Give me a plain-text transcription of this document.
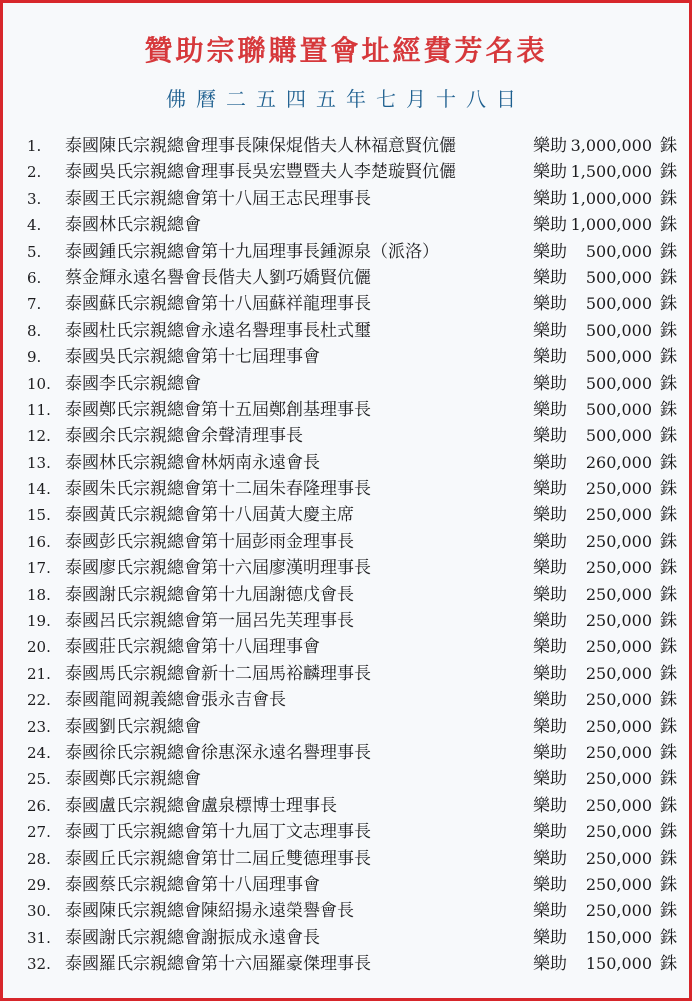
贊助宗聯購置會址經費芳名表
佛曆二五四五年七月十八日
1.	泰國陳氏宗親總會理事長陳保焜偕夫人林福意賢伉儷	樂助 3,000,000 銖
2.	泰國吳氏宗親總會理事長吳宏豐暨夫人李楚璇賢伉儷	樂助 1,500,000 銖
3.	泰國王氏宗親總會第十八屆王志民理事長	樂助 1,000,000 銖
4.	泰國林氏宗親總會	樂助 1,000,000 銖
5.	泰國鍾氏宗親總會第十九屆理事長鍾源泉（派洛）	樂助	500,000 銖
6.	蔡金輝永遠名譽會長偕夫人劉巧嬌賢伉儷	樂助	500,000 銖
7.	泰國蘇氏宗親總會第十八屆蘇祥龍理事長	樂助	500,000 銖
8.	泰國杜氏宗親總會永遠名譽理事長杜式璽	樂助	500,000 銖
9.	泰國吳氏宗親總會第十七屆理事會	樂助	500,000 銖
10. 泰國李氏宗親總會	樂助	500,000 銖
11. 泰國鄭氏宗親總會第十五屆鄭創基理事長	樂助	500,000 銖
12. 泰國余氏宗親總會余聲清理事長	樂助	500,000 銖
13. 泰國林氏宗親總會林炳南永遠會長	樂助	260,000 銖
14. 泰國朱氏宗親總會第十二屆朱春隆理事長	樂助	250,000 銖
15. 泰國黃氏宗親總會第十八屆黃大慶主席	樂助	250,000 銖
16. 泰國彭氏宗親總會第十屆彭雨金理事長	樂助	250,000 銖
17. 泰國廖氏宗親總會第十六屆廖漢明理事長	樂助	250,000 銖
18. 泰國謝氏宗親總會第十九屆謝德戊會長	樂助	250,000 銖
19. 泰國呂氏宗親總會第一屆呂先芙理事長	樂助	250,000 銖
20. 泰國莊氏宗親總會第十八屆理事會	樂助	250,000 銖
21. 泰國馬氏宗親總會新十二屆馬裕麟理事長	樂助	250,000 銖
22. 泰國龍岡親義總會張永吉會長	樂助	250,000 銖
23. 泰國劉氏宗親總會	樂助	250,000 銖
24. 泰國徐氏宗親總會徐惠深永遠名譽理事長	樂助	250,000 銖
25. 泰國鄭氏宗親總會	樂助	250,000 銖
26. 泰國盧氏宗親總會盧泉標博士理事長	樂助	250,000 銖
27. 泰國丁氏宗親總會第十九屆丁文志理事長	樂助	250,000 銖
28. 泰國丘氏宗親總會第廿二屆丘雙德理事長	樂助	250,000 銖
29. 泰國蔡氏宗親總會第十八屆理事會	樂助	250,000 銖
30. 泰國陳氏宗親總會陳紹揚永遠榮譽會長	樂助	250,000 銖
31. 泰國謝氏宗親總會謝振成永遠會長	樂助	150,000 銖
32. 泰國羅氏宗親總會第十六屆羅豪傑理事長	樂助	150,000 銖
